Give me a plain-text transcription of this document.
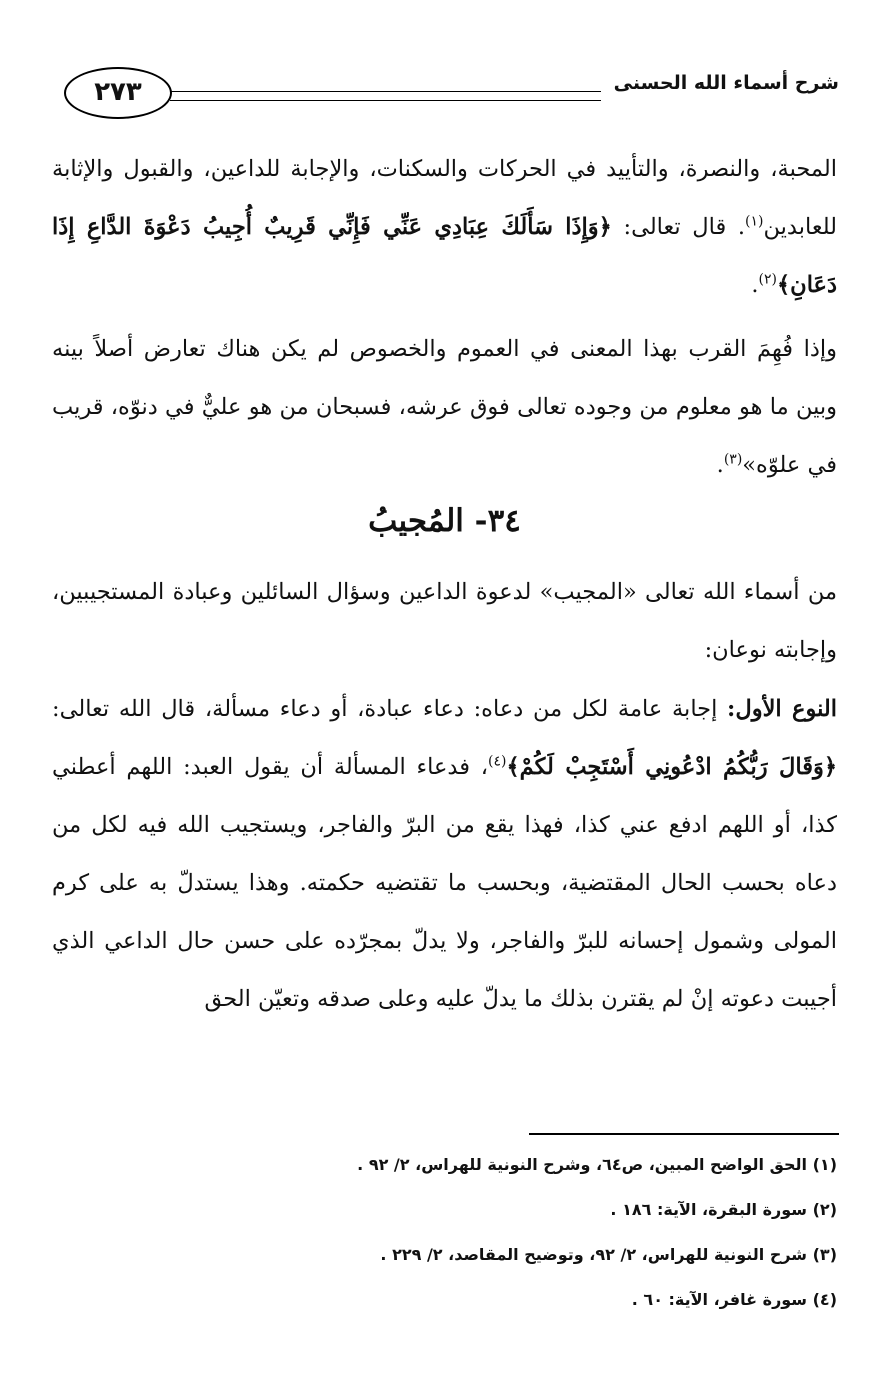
شرح أسماء الله الحسنى
٢٧٣
المحبة، والنصرة، والتأييد في الحركات والسكنات، والإجابة للداعين، والقبول والإثابة للعابدين$^{(١)}$. قال تعالى: ﴿وَإِذَا سَأَلَكَ عِبَادِي عَنِّي فَإِنِّي قَرِيبٌ أُجِيبُ دَعْوَةَ الدَّاعِ إِذَا دَعَانِ﴾$^{(٢)}$.
وإذا فُهِمَ القرب بهذا المعنى في العموم والخصوص لم يكن هناك تعارض أصلاً بينه وبين ما هو معلوم من وجوده تعالى فوق عرشه، فسبحان من هو عليٌّ في دنوّه، قريب في علوّه»$^{(٣)}$.
٣٤- المُجيبُ
من أسماء الله تعالى «المجيب» لدعوة الداعين وسؤال السائلين وعبادة المستجيبين، وإجابته نوعان:
النوع الأول: إجابة عامة لكل من دعاه: دعاء عبادة، أو دعاء مسألة، قال الله تعالى: ﴿وَقَالَ رَبُّكُمُ ادْعُونِي أَسْتَجِبْ لَكُمْ﴾$^{(٤)}$، فدعاء المسألة أن يقول العبد: اللهم أعطني كذا، أو اللهم ادفع عني كذا، فهذا يقع من البرّ والفاجر، ويستجيب الله فيه لكل من دعاه بحسب الحال المقتضية، وبحسب ما تقتضيه حكمته. وهذا يستدلّ به على كرم المولى وشمول إحسانه للبرّ والفاجر، ولا يدلّ بمجرّده على حسن حال الداعي الذي أجيبت دعوته إنْ لم يقترن بذلك ما يدلّ عليه وعلى صدقه وتعيّن الحق
(١) الحق الواضح المبين، ص٦٤، وشرح النونية للهراس، ٢/ ٩٢ .
(٢) سورة البقرة، الآية: ١٨٦ .
(٣) شرح النونية للهراس، ٢/ ٩٢، وتوضيح المقاصد، ٢/ ٢٢٩ .
(٤) سورة غافر، الآية: ٦٠ .
